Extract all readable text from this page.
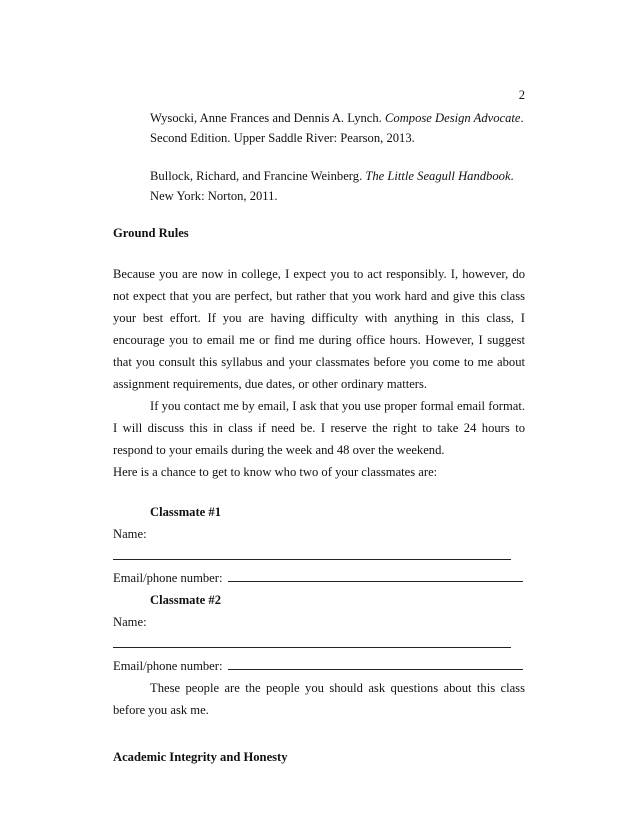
2

Wysocki, Anne Frances and Dennis A. Lynch. Compose Design Advocate.
Second Edition. Upper Saddle River: Pearson, 2013.

Bullock, Richard, and Francine Weinberg. The Little Seagull Handbook.
New York: Norton, 2011.

Ground Rules

Because you are now in college, I expect you to act responsibly. I, however, do not expect that you are perfect, but rather that you work hard and give this class your best effort. If you are having difficulty with anything in this class, I encourage you to email me or find me during office hours. However, I suggest that you consult this syllabus and your classmates before you come to me about assignment requirements, due dates, or other ordinary matters.

If you contact me by email, I ask that you use proper formal email format. I will discuss this in class if need be. I reserve the right to take 24 hours to respond to your emails during the week and 48 over the weekend.

Here is a chance to get to know who two of your classmates are:

Classmate #1

Name:

Email/phone number:

Classmate #2

Name:

Email/phone number:

These people are the people you should ask questions about this class before you ask me.

Academic Integrity and Honesty
